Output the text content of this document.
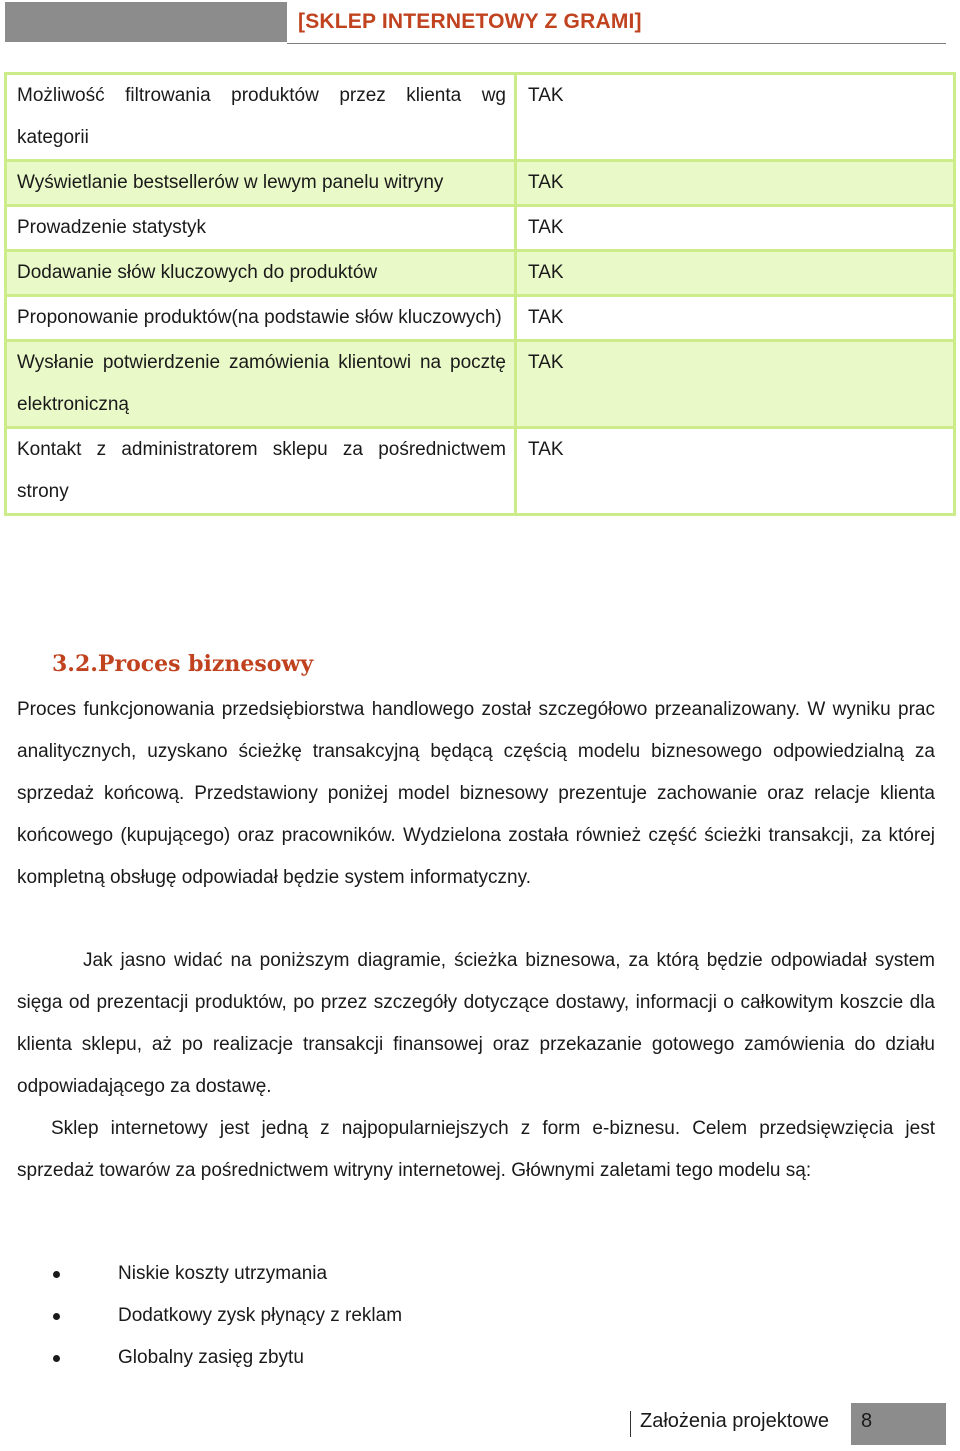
[SKLEP INTERNETOWY Z GRAMI]
Możliwość filtrowania produktów przez klienta wg kategorii	TAK
Wyświetlanie bestsellerów w lewym panelu witryny	TAK
Prowadzenie statystyk	TAK
Dodawanie słów kluczowych do produktów	TAK
Proponowanie produktów(na podstawie słów kluczowych)	TAK
Wysłanie potwierdzenie zamówienia klientowi na pocztę elektroniczną	TAK
Kontakt z administratorem sklepu za pośrednictwem strony	TAK
3.2.Proces biznesowy

Proces funkcjonowania przedsiębiorstwa handlowego został szczegółowo przeanalizowany. W wyniku prac analitycznych, uzyskano ścieżkę transakcyjną będącą częścią modelu biznesowego odpowiedzialną za sprzedaż końcową. Przedstawiony poniżej model biznesowy prezentuje zachowanie oraz relacje klienta końcowego (kupującego) oraz pracowników. Wydzielona została również część ścieżki transakcji, za której kompletną obsługę odpowiadał będzie system informatyczny.

Jak jasno widać na poniższym diagramie, ścieżka biznesowa, za którą będzie odpowiadał system sięga od prezentacji produktów, po przez szczegóły dotyczące dostawy, informacji o całkowitym koszcie dla klienta sklepu, aż po realizacje transakcji finansowej oraz przekazanie gotowego zamówienia do działu odpowiadającego za dostawę.

Sklep internetowy jest jedną z najpopularniejszych z form e-biznesu. Celem przedsięwzięcia jest sprzedaż towarów za pośrednictwem witryny internetowej. Głównymi zaletami tego modelu są:

Niskie koszty utrzymania
Dodatkowy zysk płynący z reklam
Globalny zasięg zbytu
Założenia projektowe 8
